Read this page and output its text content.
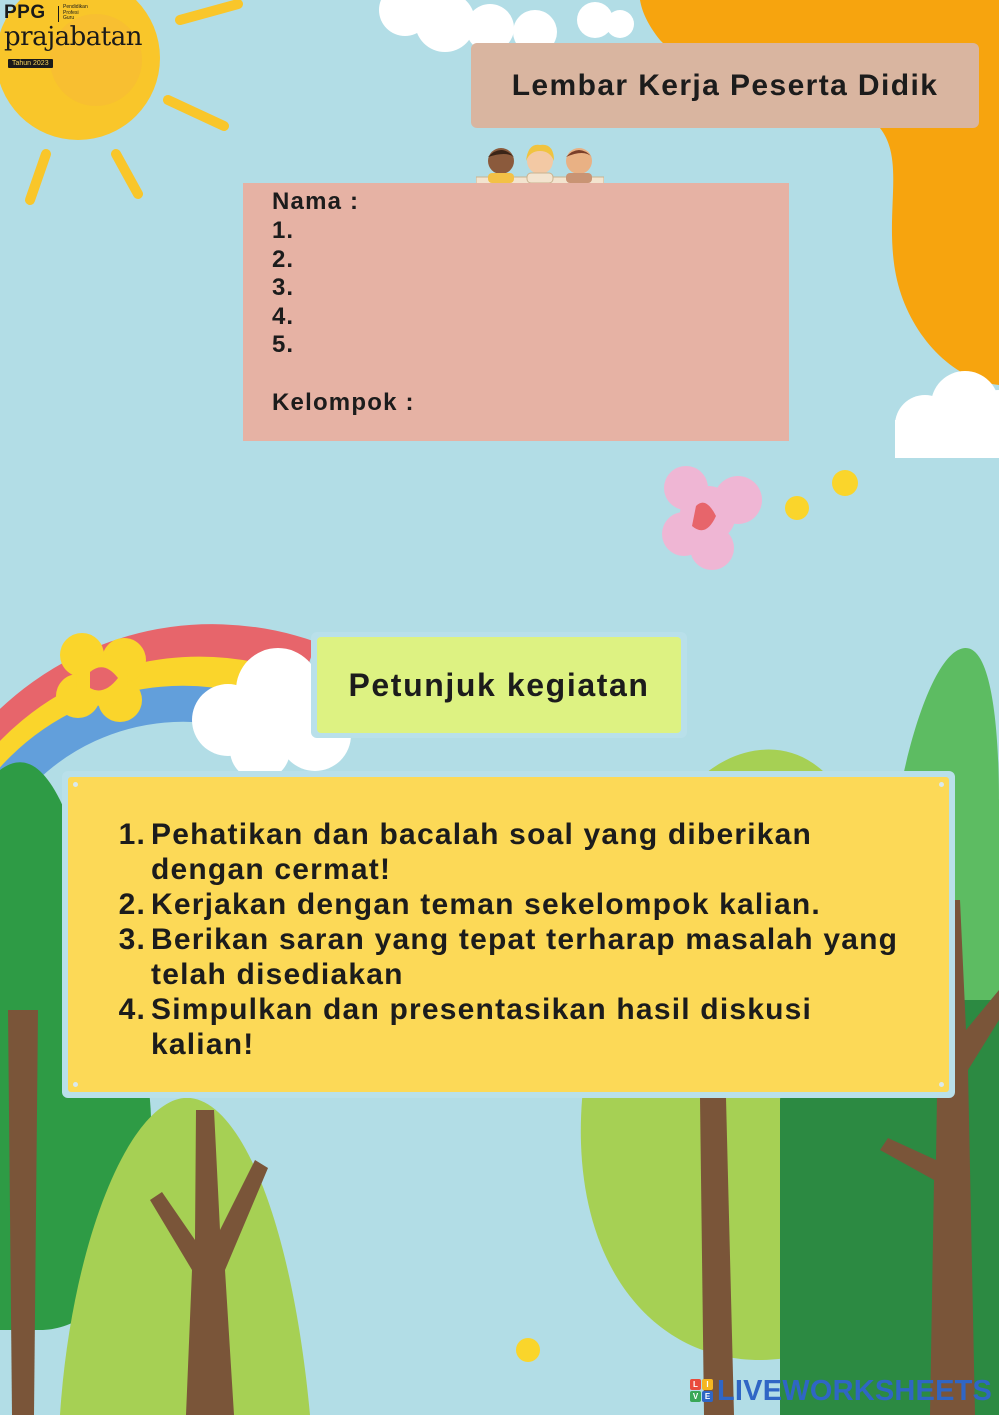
PPG	Pendidikan
Profesi
Guru
prajabatan
Tahun 2023
Lembar Kerja Peserta Didik
Nama :
1.
2.
3.
4.
5.
Kelompok :
Petunjuk kegiatan
1. Pehatikan dan bacalah soal yang diberikan dengan cermat!
2. Kerjakan dengan teman sekelompok kalian.
3. Berikan saran yang tepat terharap masalah yang telah disediakan
4. Simpulkan dan presentasikan hasil diskusi kalian!
L	I
V E LIVEWORKSHEETS
